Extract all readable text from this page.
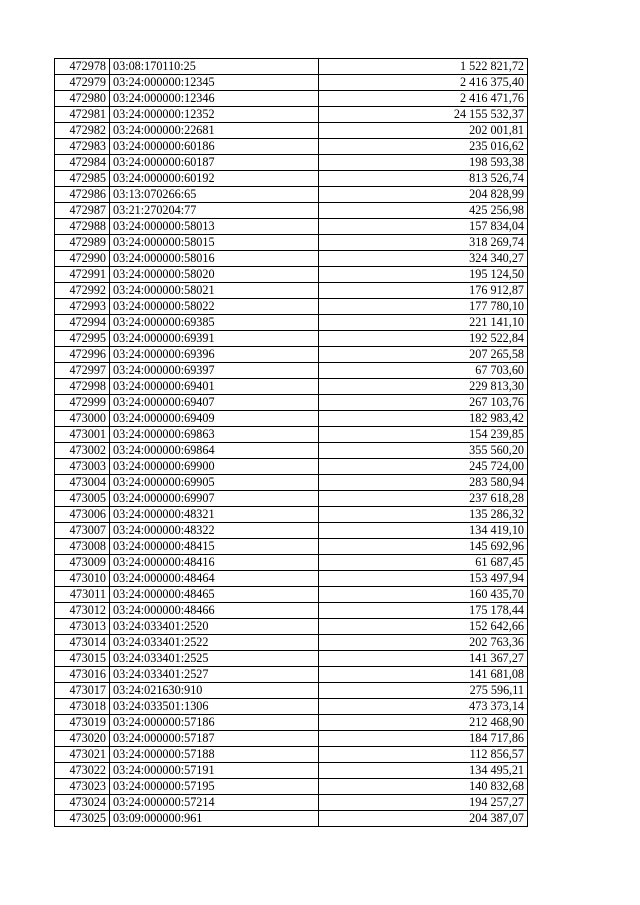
472978	03:08:170110:25	1 522 821,72
472979	03:24:000000:12345	2 416 375,40
472980	03:24:000000:12346	2 416 471,76
472981	03:24:000000:12352	24 155 532,37
472982	03:24:000000:22681	202 001,81
472983	03:24:000000:60186	235 016,62
472984	03:24:000000:60187	198 593,38
472985	03:24:000000:60192	813 526,74
472986	03:13:070266:65	204 828,99
472987	03:21:270204:77	425 256,98
472988	03:24:000000:58013	157 834,04
472989	03:24:000000:58015	318 269,74
472990	03:24:000000:58016	324 340,27
472991	03:24:000000:58020	195 124,50
472992	03:24:000000:58021	176 912,87
472993	03:24:000000:58022	177 780,10
472994	03:24:000000:69385	221 141,10
472995	03:24:000000:69391	192 522,84
472996	03:24:000000:69396	207 265,58
472997	03:24:000000:69397	67 703,60
472998	03:24:000000:69401	229 813,30
472999	03:24:000000:69407	267 103,76
473000	03:24:000000:69409	182 983,42
473001	03:24:000000:69863	154 239,85
473002	03:24:000000:69864	355 560,20
473003	03:24:000000:69900	245 724,00
473004	03:24:000000:69905	283 580,94
473005	03:24:000000:69907	237 618,28
473006	03:24:000000:48321	135 286,32
473007	03:24:000000:48322	134 419,10
473008	03:24:000000:48415	145 692,96
473009	03:24:000000:48416	61 687,45
473010	03:24:000000:48464	153 497,94
473011	03:24:000000:48465	160 435,70
473012	03:24:000000:48466	175 178,44
473013	03:24:033401:2520	152 642,66
473014	03:24:033401:2522	202 763,36
473015	03:24:033401:2525	141 367,27
473016	03:24:033401:2527	141 681,08
473017	03:24:021630:910	275 596,11
473018	03:24:033501:1306	473 373,14
473019	03:24:000000:57186	212 468,90
473020	03:24:000000:57187	184 717,86
473021	03:24:000000:57188	112 856,57
473022	03:24:000000:57191	134 495,21
473023	03:24:000000:57195	140 832,68
473024	03:24:000000:57214	194 257,27
473025	03:09:000000:961	204 387,07
